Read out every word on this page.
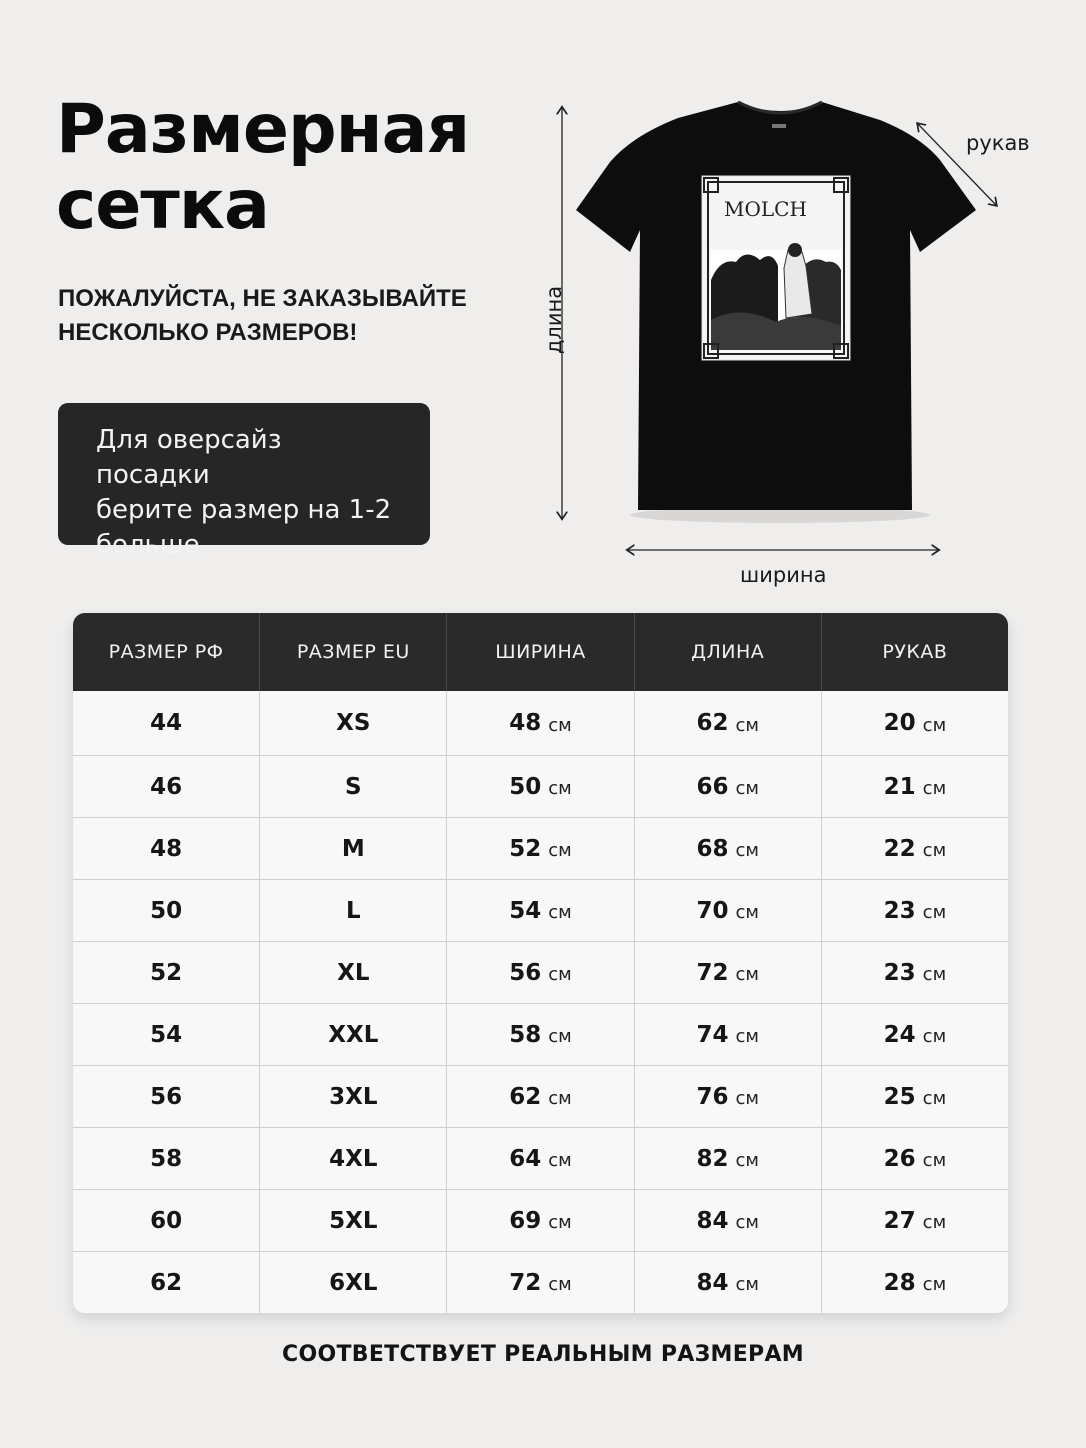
Размерная
сетка
ПОЖАЛУЙСТА, НЕ ЗАКАЗЫВАЙТЕ
НЕСКОЛЬКО РАЗМЕРОВ!
Для оверсайз посадки
берите размер на 1-2
больше
MOLCH
рукав
длина
ширина
РАЗМЕР РФ	РАЗМЕР EU	ШИРИНА	ДЛИНА	РУКАВ
44	XS	48 см	62 см	20 см
46	S	50 см	66 см	21 см
48	M	52 см	68 см	22 см
50	L	54 см	70 см	23 см
52	XL	56 см	72 см	23 см
54	XXL	58 см	74 см	24 см
56	3XL	62 см	76 см	25 см
58	4XL	64 см	82 см	26 см
60	5XL	69 см	84 см	27 см
62	6XL	72 см	84 см	28 см
СООТВЕТСТВУЕТ РЕАЛЬНЫМ РАЗМЕРАМ
